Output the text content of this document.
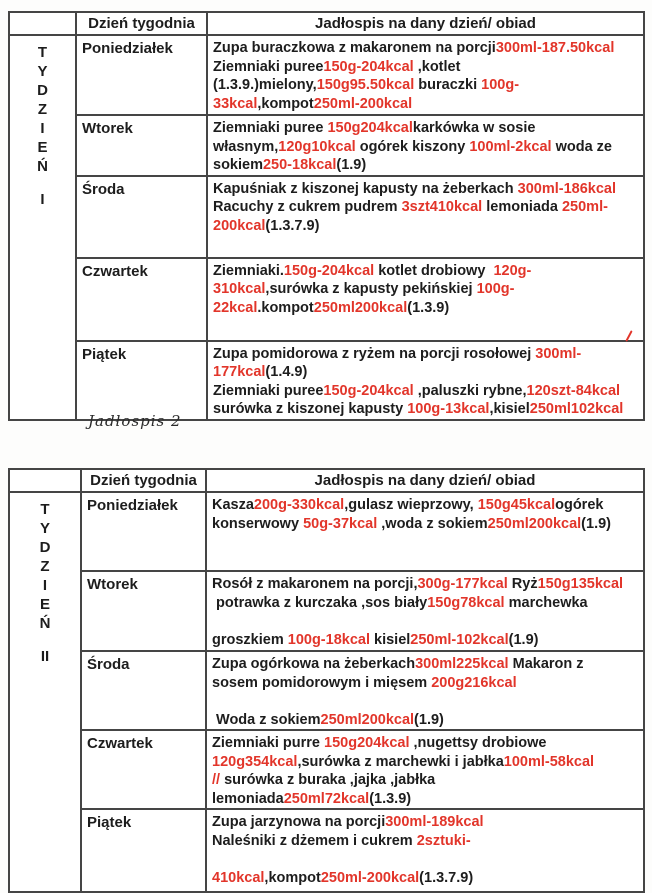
	Dzień tygodnia	Jadłospis na dany dzień/ obiad

T
Y
D
Z
I
E
Ń
I
	Poniedziałek	Zupa buraczkowa z makaronem na porcji300ml-187.50kcal
Ziemniaki puree150g-204kcal ,kotlet
(1.3.9.)mielony,150g95.50kcal buraczki 100g-
33kcal,kompot250ml-200kcal

	Wtorek	Ziemniaki puree 150g204kcalkarkówka w sosie
własnym,120g10kcal ogórek kiszony 100ml-2kcal woda ze
sokiem250-18kcal(1.9)

	Środa	Kapuśniak z kiszonej kapusty na żeberkach 300ml-186kcal
Racuchy z cukrem pudrem 3szt410kcal lemoniada 250ml-
200kcal(1.3.7.9)

	Czwartek	Ziemniaki.150g-204kcal kotlet drobiowy  120g-
310kcal,surówka z kapusty pekińskiej 100g-
22kcal.kompot250ml200kcal(1.3.9)

	Piątek	Zupa pomidorowa z ryżem na porcji rosołowej 300ml-
177kcal(1.4.9)
Ziemniaki puree150g-204kcal ,paluszki rybne,120szt-84kcal
surówka z kiszonej kapusty 100g-13kcal,kisiel250ml102kcal
Jadłospis 2
	Dzień tygodnia	Jadłospis na dany dzień/ obiad

T
Y
D
Z
I
E
Ń
II
	Poniedziałek	Kasza200g-330kcal,gulasz wieprzowy, 150g45kcalogórek
konserwowy 50g-37kcal ,woda z sokiem250ml200kcal(1.9)

	Wtorek	Rosół z makaronem na porcji,300g-177kcal Ryż150g135kcal
potrawka z kurczaka ,sos biały150g78kcal marchewka
groszkiem 100g-18kcal kisiel250ml-102kcal(1.9)

	Środa	Zupa ogórkowa na żeberkach300ml225kcal Makaron z
sosem pomidorowym i mięsem 200g216kcal
Woda z sokiem250ml200kcal(1.9)

	Czwartek	Ziemniaki purre 150g204kcal ,nugettsy drobiowe
120g354kcal,surówka z marchewki i jabłka100ml-58kcal
// surówka z buraka ,jajka ,jabłka
lemoniada250ml72kcal(1.3.9)

	Piątek	Zupa jarzynowa na porcji300ml-189kcal
Naleśniki z dżemem i cukrem 2sztuki-
410kcal,kompot250ml-200kcal(1.3.7.9)
